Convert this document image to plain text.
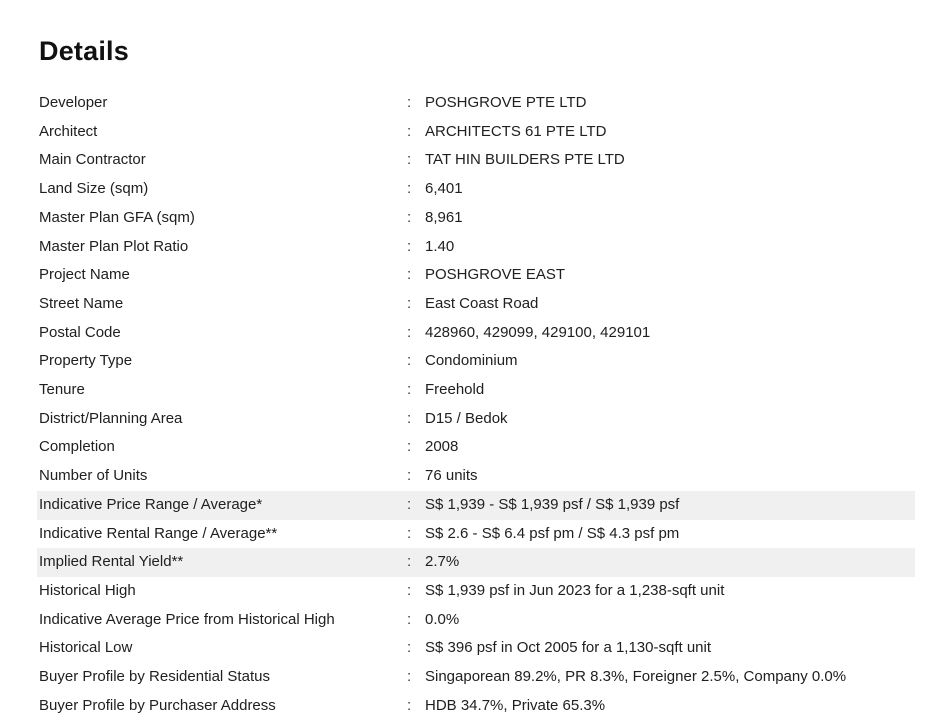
Details
Developer	:	POSHGROVE PTE LTD
Architect	:	ARCHITECTS 61 PTE LTD
Main Contractor	:	TAT HIN BUILDERS PTE LTD
Land Size (sqm)	:	6,401
Master Plan GFA (sqm)	:	8,961
Master Plan Plot Ratio	:	1.40
Project Name	:	POSHGROVE EAST
Street Name	:	East Coast Road
Postal Code	:	428960, 429099, 429100, 429101
Property Type	:	Condominium
Tenure	:	Freehold
District/Planning Area	:	D15 / Bedok
Completion	:	2008
Number of Units	:	76 units
Indicative Price Range / Average*	:	S$ 1,939 - S$ 1,939 psf / S$ 1,939 psf
Indicative Rental Range / Average**	:	S$ 2.6 - S$ 6.4 psf pm / S$ 4.3 psf pm
Implied Rental Yield**	:	2.7%
Historical High	:	S$ 1,939 psf in Jun 2023 for a 1,238-sqft unit
Indicative Average Price from Historical High	:	0.0%
Historical Low	:	S$ 396 psf in Oct 2005 for a 1,130-sqft unit
Buyer Profile by Residential Status	:	Singaporean 89.2%, PR 8.3%, Foreigner 2.5%, Company 0.0%
Buyer Profile by Purchaser Address	:	HDB 34.7%, Private 65.3%
